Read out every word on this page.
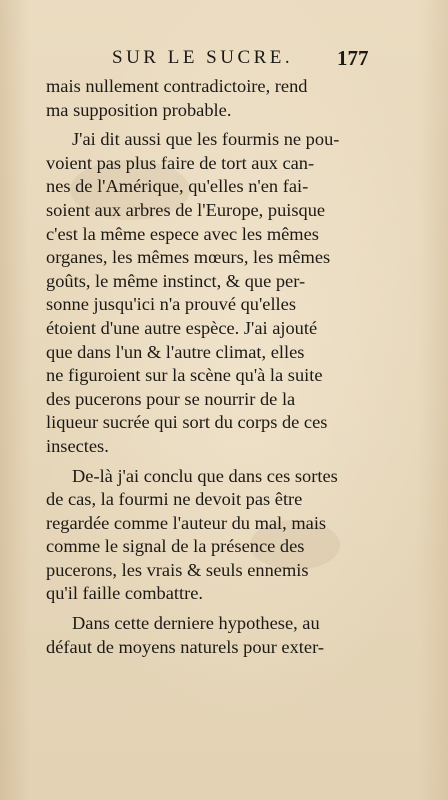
SUR LE SUCRE. 177
mais nullement contradictoire, rend
ma supposition probable.
J'ai dit aussi que les fourmis ne pou-
voient pas plus faire de tort aux can-
nes de l'Amérique, qu'elles n'en fai-
soient aux arbres de l'Europe, puisque
c'est la même espece avec les mêmes
organes, les mêmes mœurs, les mêmes
goûts, le même instinct, & que per-
sonne jusqu'ici n'a prouvé qu'elles
étoient d'une autre espèce. J'ai ajouté
que dans l'un & l'autre climat, elles
ne figuroient sur la scène qu'à la suite
des pucerons pour se nourrir de la
liqueur sucrée qui sort du corps de ces
insectes.
De-là j'ai conclu que dans ces sortes
de cas, la fourmi ne devoit pas être
regardée comme l'auteur du mal, mais
comme le signal de la présence des
pucerons, les vrais & seuls ennemis
qu'il faille combattre.
Dans cette derniere hypothese, au
défaut de moyens naturels pour exter-
